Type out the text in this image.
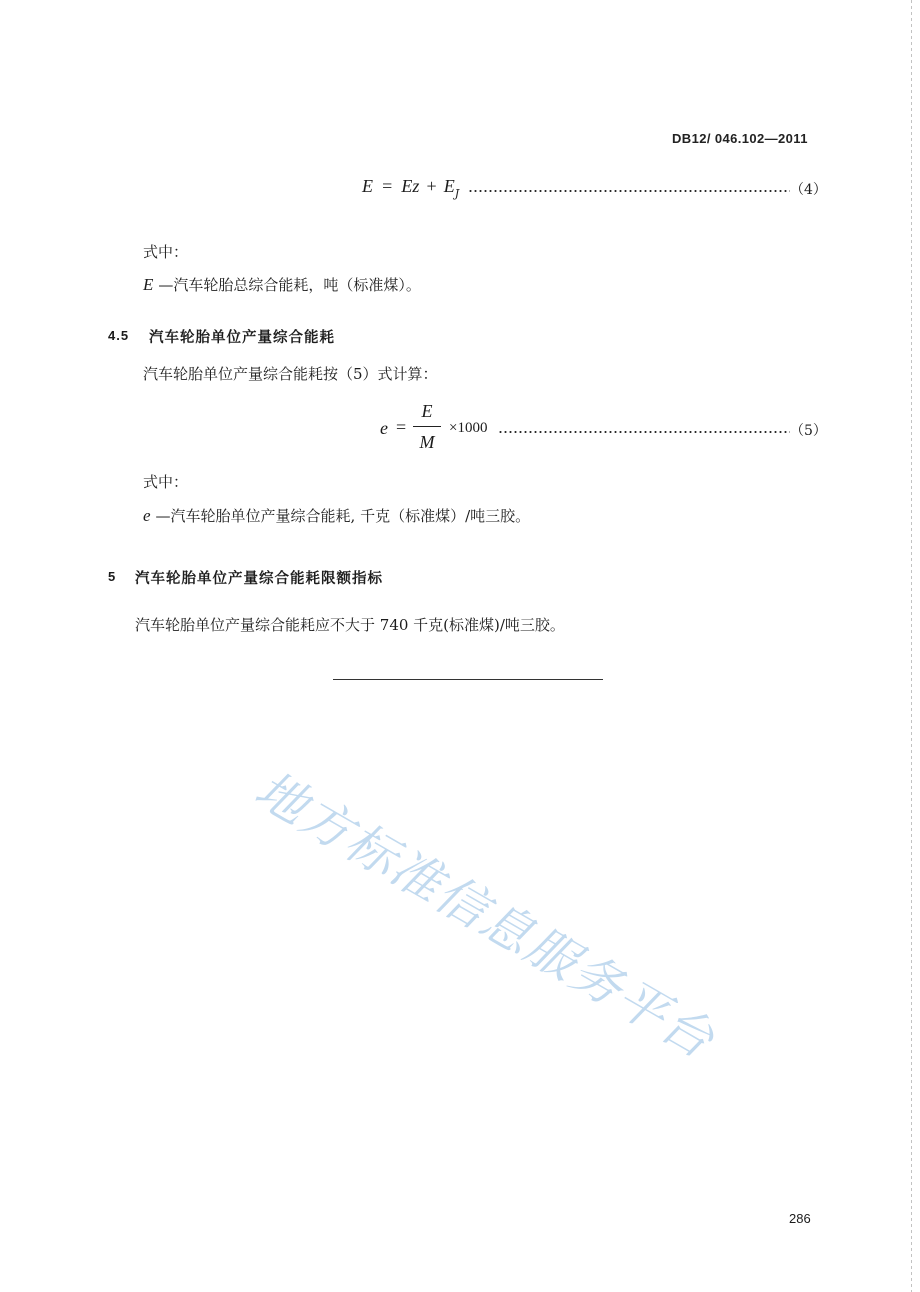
DB12/ 046.102—2011
$E = Ez + E_J$	（4）
式中：
E —汽车轮胎总综合能耗，吨（标准煤）。
4.5 汽车轮胎单位产量综合能耗
汽车轮胎单位产量综合能耗按（5）式计算：
e =
E
M
×1000	（5）
式中：
e —汽车轮胎单位产量综合能耗, 千克（标准煤）/吨三胶。
5 汽车轮胎单位产量综合能耗限额指标
汽车轮胎单位产量综合能耗应不大于 740 千克(标准煤)/吨三胶。
地方标准信息服务平台
286
